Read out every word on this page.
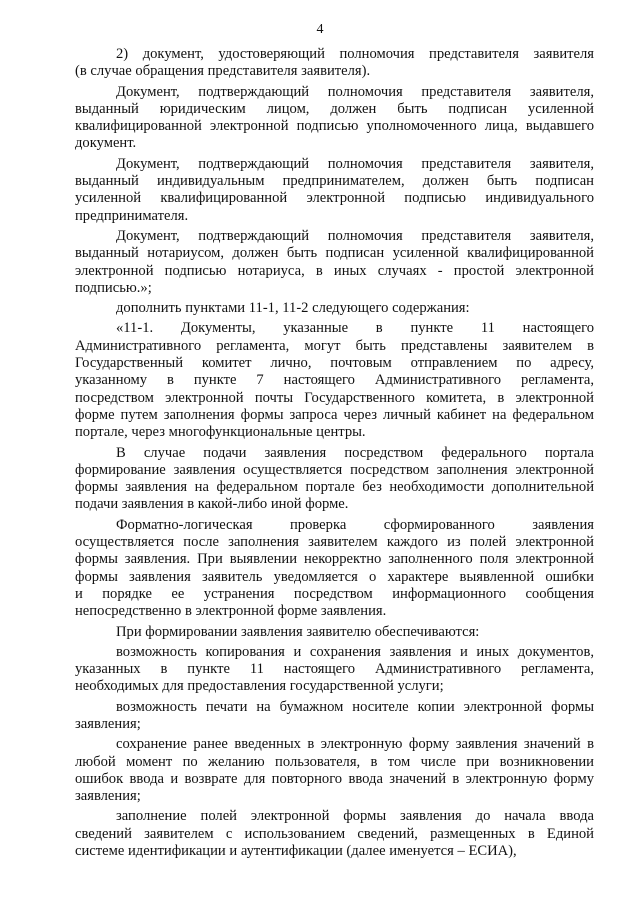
4
2) документ, удостоверяющий полномочия представителя заявителя
(в случае обращения представителя заявителя).
Документ, подтверждающий полномочия представителя заявителя,
выданный юридическим лицом, должен быть подписан усиленной
квалифицированной электронной подписью уполномоченного лица, выдавшего
документ.
Документ, подтверждающий полномочия представителя заявителя,
выданный индивидуальным предпринимателем, должен быть подписан
усиленной квалифицированной электронной подписью индивидуального
предпринимателя.
Документ, подтверждающий полномочия представителя заявителя,
выданный нотариусом, должен быть подписан усиленной квалифицированной
электронной подписью нотариуса, в иных случаях - простой электронной
подписью.»;
дополнить пунктами 11-1, 11-2 следующего содержания:
«11-1. Документы, указанные в пункте 11 настоящего
Административного регламента, могут быть представлены заявителем в
Государственный комитет лично, почтовым отправлением по адресу,
указанному в пункте 7 настоящего Административного регламента,
посредством электронной почты Государственного комитета, в электронной
форме путем заполнения формы запроса через личный кабинет на федеральном
портале, через многофункциональные центры.
В случае подачи заявления посредством федерального портала
формирование заявления осуществляется посредством заполнения электронной
формы заявления на федеральном портале без необходимости дополнительной
подачи заявления в какой-либо иной форме.
Форматно-логическая проверка сформированного заявления
осуществляется после заполнения заявителем каждого из полей электронной
формы заявления. При выявлении некорректно заполненного поля электронной
формы заявления заявитель уведомляется о характере выявленной ошибки
и порядке ее устранения посредством информационного сообщения
непосредственно в электронной форме заявления.
При формировании заявления заявителю обеспечиваются:
возможность копирования и сохранения заявления и иных документов,
указанных в пункте 11 настоящего Административного регламента,
необходимых для предоставления государственной услуги;
возможность печати на бумажном носителе копии электронной формы
заявления;
сохранение ранее введенных в электронную форму заявления значений в
любой момент по желанию пользователя, в том числе при возникновении
ошибок ввода и возврате для повторного ввода значений в электронную форму
заявления;
заполнение полей электронной формы заявления до начала ввода
сведений заявителем с использованием сведений, размещенных в Единой
системе идентификации и аутентификации (далее именуется – ЕСИА),
